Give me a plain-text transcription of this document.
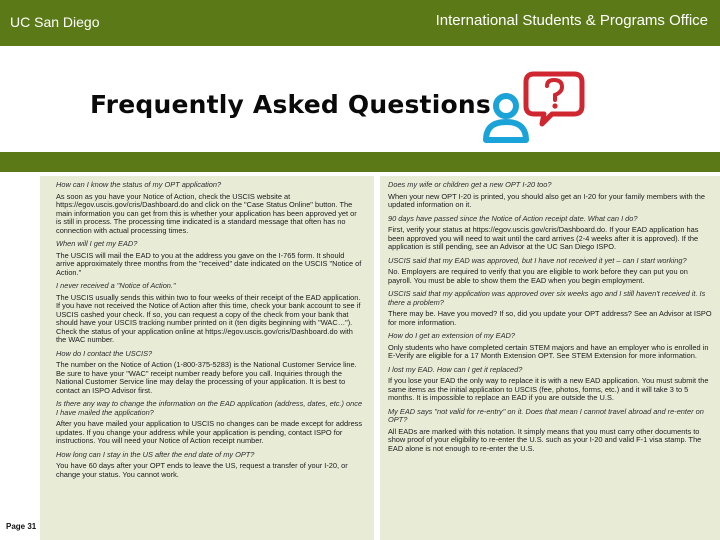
UC San Diego	International Students & Programs Office
Frequently Asked Questions
How can I know the status of my OPT application?
As soon as you have your Notice of Action, check the USCIS website at https://egov.uscis.gov/cris/Dashboard.do and click on the "Case Status Online" button. The main information you can get from this is whether your application has been approved yet or is still in process. The processing time indicated is a standard message that often has no connection with actual processing times.
When will I get my EAD?
The USCIS will mail the EAD to you at the address you gave on the I-765 form. It should arrive approximately three months from the "received" date indicated on the USCIS "Notice of Action."
I never received a "Notice of Action."
The USCIS usually sends this within two to four weeks of their receipt of the EAD application. If you have not received the Notice of Action after this time, check your bank account to see if USCIS cashed your check. If so, you can request a copy of the check from your bank that should have your USCIS tracking number printed on it (ten digits beginning with "WAC…"). Check the status of your application online at https://egov.uscis.gov/cris/Dashboard.do with the WAC number.
How do I contact the USCIS?
The number on the Notice of Action (1-800-375-5283) is the National Customer Service line. Be sure to have your "WAC" receipt number ready before you call. Inquiries through the National Customer Service line may delay the processing of your application. It is best to contact an ISPO Advisor first.
Is there any way to change the information on the EAD application (address, dates, etc.) once I have mailed the application?
After you have mailed your application to USCIS no changes can be made except for address updates. If you change your address while your application is pending, contact ISPO for instructions. You will need your Notice of Action receipt number.
How long can I stay in the US after the end date of my OPT?
You have 60 days after your OPT ends to leave the US, request a transfer of your I-20, or change your status. You cannot work.
Does my wife or children get a new OPT I-20 too?
When your new OPT I-20 is printed, you should also get an I-20 for your family members with the updated information on it.
90 days have passed since the Notice of Action receipt date. What can I do?
First, verify your status at https://egov.uscis.gov/cris/Dashboard.do. If your EAD application has been approved you will need to wait until the card arrives (2-4 weeks after it is approved). If the application is still pending, see an Advisor at the UC San Diego ISPO.
USCIS said that my EAD was approved, but I have not received it yet – can I start working?
No. Employers are required to verify that you are eligible to work before they can put you on payroll. You must be able to show them the EAD when you begin employment.
USCIS said that my application was approved over six weeks ago and I still haven't received it. Is there a problem?
There may be. Have you moved? If so, did you update your OPT address? See an Advisor at ISPO for more information.
How do I get an extension of my EAD?
Only students who have completed certain STEM majors and have an employer who is enrolled in E-Verify are eligible for a 17 Month Extension OPT. See STEM Extension for more information.
I lost my EAD. How can I get it replaced?
If you lose your EAD the only way to replace it is with a new EAD application. You must submit the same items as the initial application to USCIS (fee, photos, forms, etc.) and it will take 3 to 5 months. It is impossible to replace an EAD if you are outside the U.S.
My EAD says "not valid for re-entry" on it. Does that mean I cannot travel abroad and re-enter on OPT?
All EADs are marked with this notation. It simply means that you must carry other documents to show proof of your eligibility to re-enter the U.S. such as your I-20 and valid F-1 visa stamp. The EAD alone is not enough to re-enter the U.S.
Page 31
